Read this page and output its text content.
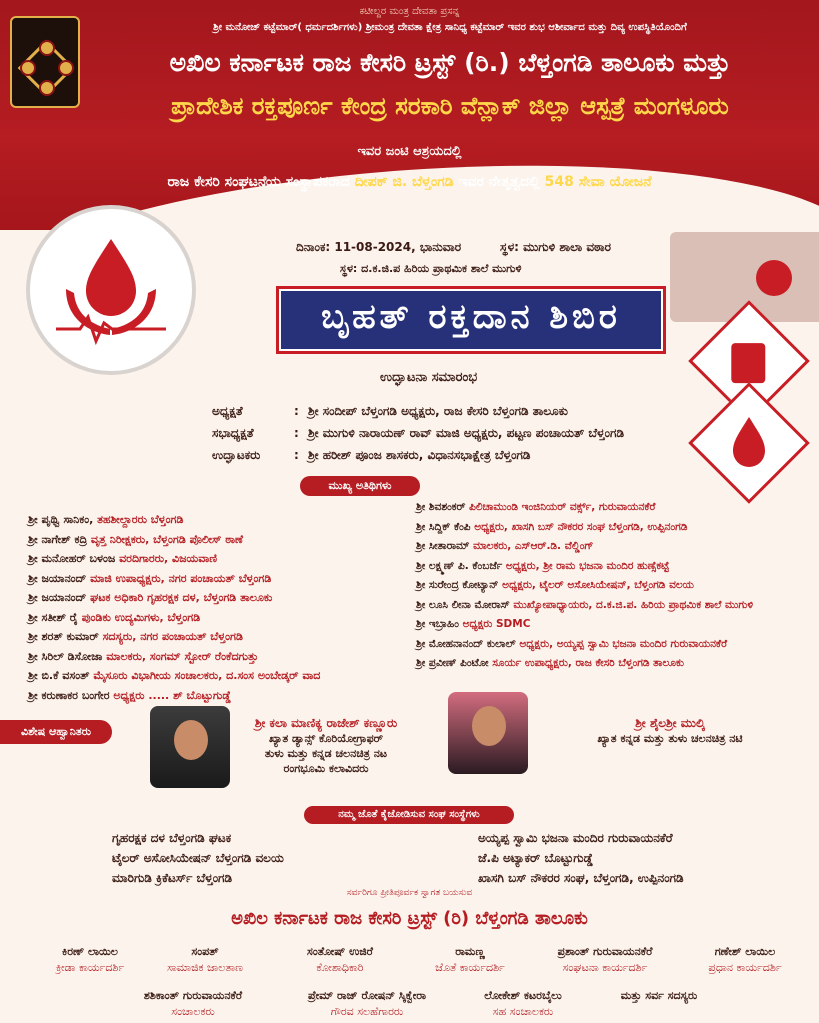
ಕಟೀಲ್ದರ ಮಂತ್ರ ದೇವತಾ ಪ್ರಸನ್ನ
ಶ್ರೀ ಮನೋಜ್ ಕಟ್ಟೆಮಾರ್( ಧರ್ಮದರ್ಶಿಗಳು) ಶ್ರೀಮಂತ್ರ ದೇವತಾ ಕ್ಷೇತ್ರ ಸಾನಿಧ್ಯ ಕಟ್ಟೆಮಾರ್ ಇವರ ಶುಭ ಆಶೀರ್ವಾದ ಮತ್ತು ದಿವ್ಯ ಉಪಸ್ಥಿತಿಯೊಂದಿಗೆ
ಅಖಿಲ ಕರ್ನಾಟಕ ರಾಜ ಕೇಸರಿ ಟ್ರಸ್ಟ್ (ರಿ.) ಬೆಳ್ತಂಗಡಿ ತಾಲೂಕು ಮತ್ತು
ಪ್ರಾದೇಶಿಕ ರಕ್ತಪೂರ್ಣ ಕೇಂದ್ರ ಸರಕಾರಿ ವೆನ್ಲಾಕ್ ಜಿಲ್ಲಾ ಆಸ್ಪತ್ರೆ ಮಂಗಳೂರು
ಇವರ ಜಂಟಿ ಆಶ್ರಯದಲ್ಲಿ
ರಾಜ ಕೇಸರಿ ಸಂಘಟನೆಯ ಸಂಸ್ಥಾಪಕರಾದ ದೀಪಕ್ ಜಿ. ಬೆಳ್ತಂಗಡಿ ಇವರ ನೇತೃತ್ವದಲ್ಲಿ 548 ಸೇವಾ ಯೋಜನೆ
ದಿನಾಂಕ: 11-08-2024, ಭಾನುವಾರ	ಸ್ಥಳ: ಮುಗುಳಿ ಶಾಲಾ ವಠಾರ
ಸ್ಥಳ: ದ.ಕ.ಜಿ.ಪ ಹಿರಿಯ ಪ್ರಾಥಮಿಕ ಶಾಲೆ ಮುಗುಳಿ
ಬೃಹತ್ ರಕ್ತದಾನ ಶಿಬಿರ
ಉದ್ಘಾಟನಾ ಸಮಾರಂಭ
ಅಧ್ಯಕ್ಷತೆ	: ಶ್ರೀ ಸಂದೀಪ್ ಬೆಳ್ತಂಗಡಿ ಅಧ್ಯಕ್ಷರು, ರಾಜ ಕೇಸರಿ ಬೆಳ್ತಂಗಡಿ ತಾಲೂಕು
ಸಭಾಧ್ಯಕ್ಷತೆ	: ಶ್ರೀ ಮುಗುಳಿ ನಾರಾಯಣ್ ರಾವ್ ಮಾಜಿ ಅಧ್ಯಕ್ಷರು, ಪಟ್ಟಣ ಪಂಚಾಯತ್ ಬೆಳ್ತಂಗಡಿ
ಉದ್ಘಾಟಕರು	: ಶ್ರೀ ಹರೀಶ್ ಪೂಂಜ ಶಾಸಕರು, ವಿಧಾನಸಭಾಕ್ಷೇತ್ರ ಬೆಳ್ತಂಗಡಿ
ಮುಖ್ಯ ಅತಿಥಿಗಳು
ಶ್ರೀ ಪೃಥ್ವಿ ಸಾನಿಕಂ, ತಹಶೀಲ್ದಾರರು ಬೆಳ್ತಂಗಡಿ
ಶ್ರೀ ನಾಗೇಶ್ ಕದ್ರಿ ವೃತ್ತ ನಿರೀಕ್ಷಕರು, ಬೆಳ್ತಂಗಡಿ ಪೊಲೀಸ್ ಠಾಣೆ
ಶ್ರೀ ಮನೋಹರ್ ಬಳಂಜ ವರದಿಗಾರರು, ವಿಜಯವಾಣಿ
ಶ್ರೀ ಜಯಾನಂದ್ ಮಾಜಿ ಉಪಾಧ್ಯಕ್ಷರು, ನಗರ ಪಂಚಾಯತ್ ಬೆಳ್ತಂಗಡಿ
ಶ್ರೀ ಜಯಾನಂದ್ ಘಟಕ ಅಧಿಕಾರಿ ಗೃಹರಕ್ಷಕ ದಳ, ಬೆಳ್ತಂಗಡಿ ತಾಲೂಕು
ಶ್ರೀ ಸತೀಶ್ ರೈ ಪುಂಡಿಕು ಉದ್ಯಮಿಗಳು, ಬೆಳ್ತಂಗಡಿ
ಶ್ರೀ ಶರತ್ ಕುಮಾರ್ ಸದಸ್ಯರು, ನಗರ ಪಂಚಾಯತ್ ಬೆಳ್ತಂಗಡಿ
ಶ್ರೀ ಸಿರಿಲ್ ಡಿಸೋಜಾ ಮಾಲಕರು, ಸಂಗಮ್ ಸ್ಟೋರ್ ರೆಂಕೆದಗುತ್ತು
ಶ್ರೀ ಬಿ.ಕೆ ವಸಂತ್ ಮೈಸೂರು ವಿಭಾಗೀಯ ಸಂಚಾಲಕರು, ದ.ಸಂಸ ಅಂಬೇಡ್ಕರ್ ವಾದ
ಶ್ರೀ ಕರುಣಾಕರ ಬಂಗೇರ ಅಧ್ಯಕ್ಷರು ..... ಶ್ ಬೊಟ್ಟುಗುಡ್ಡೆ
ಶ್ರೀ ಶಿವಶಂಕರ್ ಪಿಲಿಚಾಮುಂಡಿ ಇಂಜಿನಿಯರ್ ವರ್ಕ್ಸ್, ಗುರುವಾಯನಕೆರೆ
ಶ್ರೀ ಸಿದ್ದಿಕ್ ಕೆಂಪಿ ಅಧ್ಯಕ್ಷರು, ಖಾಸಗಿ ಬಸ್ ನೌಕರರ ಸಂಘ ಬೆಳ್ತಂಗಡಿ, ಉಪ್ಪಿನಂಗಡಿ
ಶ್ರೀ ಸೀತಾರಾಮ್ ಮಾಲಕರು, ಎಸ್‌ಆರ್.ಡಿ. ವೆಲ್ಡಿಂಗ್
ಶ್ರೀ ಲಕ್ಷ್ಮಣ್ ಪಿ. ಕೆಂಬರ್ಜೆ ಅಧ್ಯಕ್ಷರು, ಶ್ರೀ ರಾಮ ಭಜನಾ ಮಂದಿರ ಹುಣ್ಸೆಕಟ್ಟೆ
ಶ್ರೀ ಸುರೇಂದ್ರ ಕೋಟ್ಯಾನ್ ಅಧ್ಯಕ್ಷರು, ಟೈಲರ್ ಅಸೋಸಿಯೇಷನ್, ಬೆಳ್ತಂಗಡಿ ವಲಯ
ಶ್ರೀ ಲೂಸಿ ಲೀನಾ ಮೋರಾಸ್ ಮುಖ್ಯೋಪಾಧ್ಯಾಯರು, ದ.ಕ.ಜಿ.ಪ. ಹಿರಿಯ ಪ್ರಾಥಮಿಕ ಶಾಲೆ ಮುಗುಳಿ
ಶ್ರೀ ಇಬ್ರಾಹಿಂ ಅಧ್ಯಕ್ಷರು SDMC
ಶ್ರೀ ಮೋಹನಾನಂದ್ ಕುಲಾಲ್ ಅಧ್ಯಕ್ಷರು, ಅಯ್ಯಪ್ಪ ಸ್ವಾಮಿ ಭಜನಾ ಮಂದಿರ ಗುರುವಾಯನಕೆರೆ
ಶ್ರೀ ಪ್ರವೀಣ್ ಪಿಂಟೋ ಸೂರ್ಯ ಉಪಾಧ್ಯಕ್ಷರು, ರಾಜ ಕೇಸರಿ ಬೆಳ್ತಂಗಡಿ ತಾಲೂಕು
ವಿಶೇಷ ಆಹ್ವಾನಿತರು
ಶ್ರೀ ಕಲಾ ಮಾಣಿಕ್ಯ ರಾಜೇಶ್ ಕಣ್ಣೂರು
ಖ್ಯಾತ ಡ್ಯಾನ್ಸ್ ಕೊರಿಯೋಗ್ರಾಫರ್
ತುಳು ಮತ್ತು ಕನ್ನಡ ಚಲನಚಿತ್ರ ನಟ
ರಂಗಭೂಮಿ ಕಲಾವಿದರು
ಶ್ರೀ ಶೈಲಶ್ರೀ ಮುಲ್ಕಿ
ಖ್ಯಾತ ಕನ್ನಡ ಮತ್ತು ತುಳು ಚಲನಚಿತ್ರ ನಟಿ
ನಮ್ಮ ಜೊತೆ ಕೈಜೋಡಿಸುವ ಸಂಘ ಸಂಸ್ಥೆಗಳು
ಗೃಹರಕ್ಷಕ ದಳ ಬೆಳ್ತಂಗಡಿ ಘಟಕ
ಟೈಲರ್ ಅಸೋಸಿಯೇಷನ್ ಬೆಳ್ತಂಗಡಿ ವಲಯ
ಮಾರಿಗುಡಿ ಕ್ರಿಕೆಟರ್ಸ್ ಬೆಳ್ತಂಗಡಿ
ಅಯ್ಯಪ್ಪ ಸ್ವಾಮಿ ಭಜನಾ ಮಂದಿರ ಗುರುವಾಯನಕೆರೆ
ಜೆ.ಪಿ ಅಟ್ಯಾಕರ್ ಬೊಟ್ಟುಗುಡ್ಡೆ
ಖಾಸಗಿ ಬಸ್ ನೌಕರರ ಸಂಘ, ಬೆಳ್ತಂಗಡಿ, ಉಪ್ಪಿನಂಗಡಿ
ಸರ್ವರಿಗೂ ಪ್ರೀತಿಪೂರ್ವಕ ಸ್ವಾಗತ ಬಯಸುವ
ಅಖಿಲ ಕರ್ನಾಟಕ ರಾಜ ಕೇಸರಿ ಟ್ರಸ್ಟ್ (ರಿ) ಬೆಳ್ತಂಗಡಿ ತಾಲೂಕು
ಕಿರಣ್ ಲಾಯಿಲ
ಕ್ರೀಡಾ ಕಾರ್ಯದರ್ಶಿ
ಸಂಪತ್
ಸಾಮಾಜಿಕ ಜಾಲತಾಣ
ಸಂತೋಷ್ ಉಜಿರೆ
ಕೋಶಾಧಿಕಾರಿ
ರಾಮಣ್ಣ
ಜೊತೆ ಕಾರ್ಯದರ್ಶಿ
ಪ್ರಶಾಂತ್ ಗುರುವಾಯನಕೆರೆ
ಸಂಘಟನಾ ಕಾರ್ಯದರ್ಶಿ
ಗಣೇಶ್ ಲಾಯಿಲ
ಪ್ರಧಾನ ಕಾರ್ಯದರ್ಶಿ
ಶಶಿಕಾಂತ್ ಗುರುವಾಯನಕೆರೆ
ಸಂಚಾಲಕರು
ಪ್ರೇಮ್ ರಾಜ್ ರೋಷನ್ ಸ್ಕಿಕ್ವೇರಾ
ಗೌರವ ಸಲಹೆಗಾರರು
ಲೋಕೇಶ್ ಕಟರಬೈಲು
ಸಹ ಸಂಚಾಲಕರು
ಮತ್ತು ಸರ್ವ ಸದಸ್ಯರು
